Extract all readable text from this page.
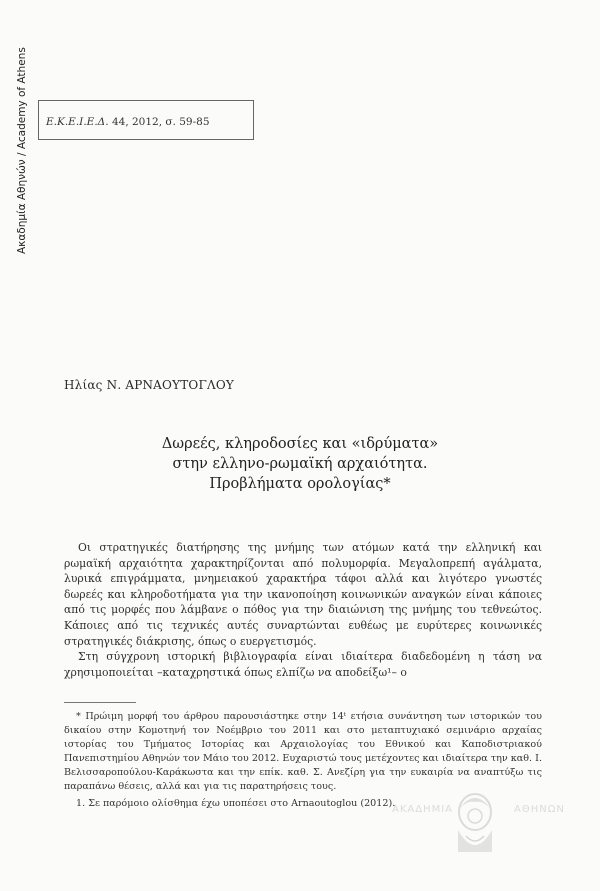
Ακαδημία Αθηνών / Academy of Athens Ε.Κ.Ε.Ι.Ε.Δ. 44, 2012, σ. 59-85
Ηλίας Ν. ΑΡΝΑΟΥΤΟΓΛΟΥ
Δωρεές, κληροδοσίες και «ιδρύματα»
στην ελληνο-ρωμαϊκή αρχαιότητα.
Προβλήματα ορολογίας*

Οι στρατηγικές διατήρησης της μνήμης των ατόμων κατά την ελληνική και ρωμαϊκή αρχαιότητα χαρακτηρίζονται από πολυμορφία. Μεγαλοπρεπή αγάλματα, λυρικά επιγράμματα, μνημειακού χαρακτήρα τάφοι αλλά και λιγότερο γνωστές δωρεές και κληροδοτήματα για την ικανοποίηση κοινωνικών αναγκών είναι κάποιες από τις μορφές που λάμβανε ο πόθος για την διαιώνιση της μνήμης του τεθνεώτος. Κάποιες από τις τεχνικές αυτές συναρτώνται ευθέως με ευρύτερες κοινωνικές στρατηγικές διάκρισης, όπως ο ευεργετισμός.

Στη σύγχρονη ιστορική βιβλιογραφία είναι ιδιαίτερα διαδεδομένη η τάση να χρησιμοποιείται –καταχρηστικά όπως ελπίζω να αποδείξω¹– ο

* Πρώιμη μορφή του άρθρου παρουσιάστηκε στην 14ᵗ ετήσια συνάντηση των ιστορικών του δικαίου στην Κομοτηνή τον Νοέμβριο του 2011 και στο μεταπτυχιακό σεμινάριο αρχαίας ιστορίας του Τμήματος Ιστορίας και Αρχαιολογίας του Εθνικού και Καποδιστριακού Πανεπιστημίου Αθηνών τον Μάιο του 2012. Ευχαριστώ τους μετέχοντες και ιδιαίτερα την καθ. Ι. Βελισσαροπούλου-Καράκωστα και την επίκ. καθ. Σ. Ανεζίρη για την ευκαιρία να αναπτύξω τις παραπάνω θέσεις, αλλά και για τις παρατηρήσεις τους.

1. Σε παρόμοιο ολίσθημα έχω υποπέσει στο Arnaoutoglou (2012).

ΑΚΑΔΗΜΙΑ	ΑΘΗΝΩΝ
